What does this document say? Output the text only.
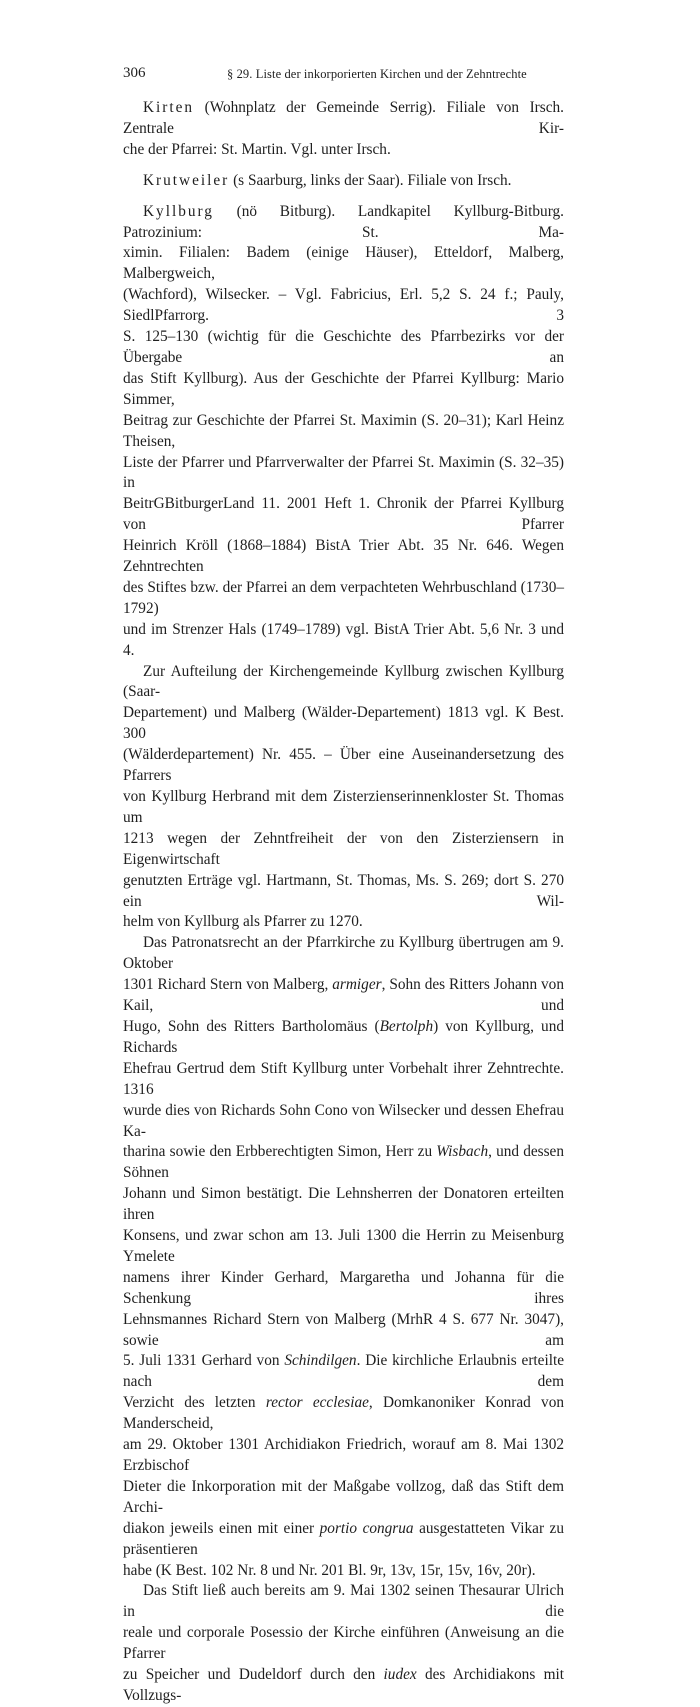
306	§ 29. Liste der inkorporierten Kirchen und der Zehntrechte

Kirten (Wohnplatz der Gemeinde Serrig). Filiale von Irsch. Zentrale Kir-
che der Pfarrei: St. Martin. Vgl. unter Irsch.

Krutweiler (s Saarburg, links der Saar). Filiale von Irsch.

Kyllburg (nö Bitburg). Landkapitel Kyllburg-Bitburg. Patrozinium: St. Ma-
ximin. Filialen: Badem (einige Häuser), Etteldorf, Malberg, Malbergweich,
(Wachford), Wilsecker. – Vgl. Fabricius, Erl. 5,2 S. 24 f.; Pauly, SiedlPfarrorg. 3
S. 125–130 (wichtig für die Geschichte des Pfarrbezirks vor der Übergabe an
das Stift Kyllburg). Aus der Geschichte der Pfarrei Kyllburg: Mario Simmer,
Beitrag zur Geschichte der Pfarrei St. Maximin (S. 20–31); Karl Heinz Theisen,
Liste der Pfarrer und Pfarrverwalter der Pfarrei St. Maximin (S. 32–35) in
BeitrGBitburgerLand 11. 2001 Heft 1. Chronik der Pfarrei Kyllburg von Pfarrer
Heinrich Kröll (1868–1884) BistA Trier Abt. 35 Nr. 646. Wegen Zehntrechten
des Stiftes bzw. der Pfarrei an dem verpachteten Wehrbuschland (1730–1792)
und im Strenzer Hals (1749–1789) vgl. BistA Trier Abt. 5,6 Nr. 3 und 4.

Zur Aufteilung der Kirchengemeinde Kyllburg zwischen Kyllburg (Saar-
Departement) und Malberg (Wälder-Departement) 1813 vgl. K Best. 300
(Wälderdepartement) Nr. 455. – Über eine Auseinandersetzung des Pfarrers
von Kyllburg Herbrand mit dem Zisterzienserinnenkloster St. Thomas um
1213 wegen der Zehntfreiheit der von den Zisterziensern in Eigenwirtschaft
genutzten Erträge vgl. Hartmann, St. Thomas, Ms. S. 269; dort S. 270 ein Wil-
helm von Kyllburg als Pfarrer zu 1270.

Das Patronatsrecht an der Pfarrkirche zu Kyllburg übertrugen am 9. Oktober
1301 Richard Stern von Malberg, armiger, Sohn des Ritters Johann von Kail, und
Hugo, Sohn des Ritters Bartholomäus (Bertolph) von Kyllburg, und Richards
Ehefrau Gertrud dem Stift Kyllburg unter Vorbehalt ihrer Zehntrechte. 1316
wurde dies von Richards Sohn Cono von Wilsecker und dessen Ehefrau Ka-
tharina sowie den Erbberechtigten Simon, Herr zu Wisbach, und dessen Söhnen
Johann und Simon bestätigt. Die Lehnsherren der Donatoren erteilten ihren
Konsens, und zwar schon am 13. Juli 1300 die Herrin zu Meisenburg Ymelete
namens ihrer Kinder Gerhard, Margaretha und Johanna für die Schenkung ihres
Lehnsmannes Richard Stern von Malberg (MrhR 4 S. 677 Nr. 3047), sowie am
5. Juli 1331 Gerhard von Schindilgen. Die kirchliche Erlaubnis erteilte nach dem
Verzicht des letzten rector ecclesiae, Domkanoniker Konrad von Manderscheid,
am 29. Oktober 1301 Archidiakon Friedrich, worauf am 8. Mai 1302 Erzbischof
Dieter die Inkorporation mit der Maßgabe vollzog, daß das Stift dem Archi-
diakon jeweils einen mit einer portio congrua ausgestatteten Vikar zu präsentieren
habe (K Best. 102 Nr. 8 und Nr. 201 Bl. 9r, 13v, 15r, 15v, 16v, 20r).

Das Stift ließ auch bereits am 9. Mai 1302 seinen Thesaurar Ulrich in die
reale und corporale Posessio der Kirche einführen (Anweisung an die Pfarrer
zu Speicher und Dudeldorf durch den iudex des Archidiakons mit Vollzugs-
